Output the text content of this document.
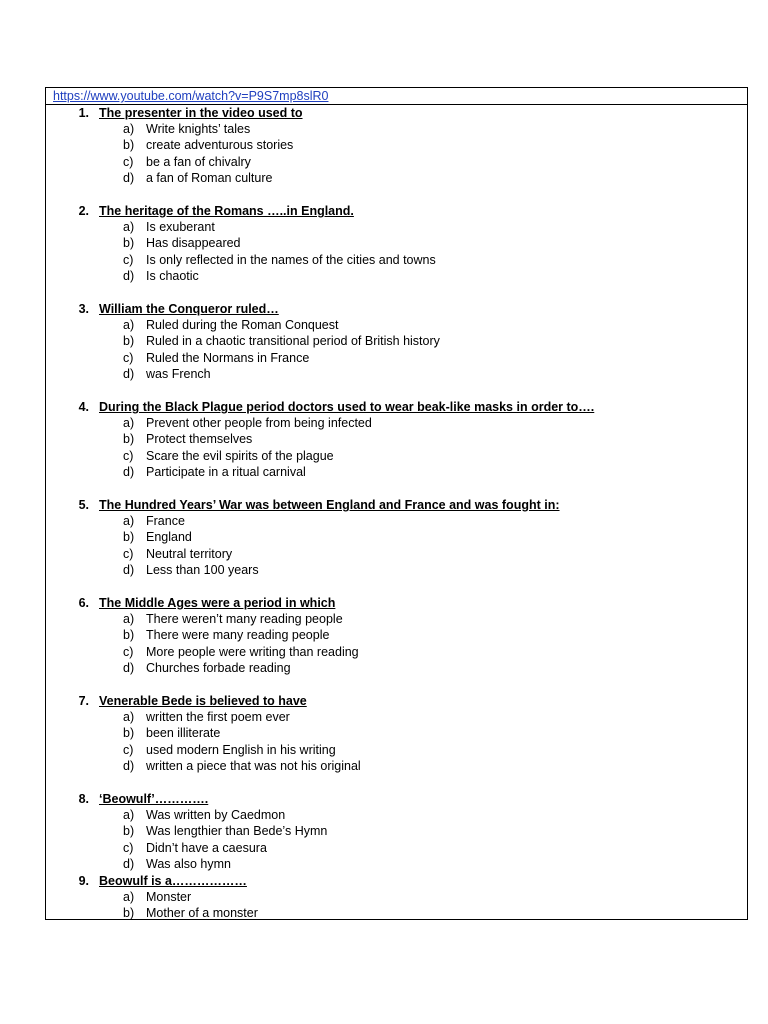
https://www.youtube.com/watch?v=P9S7mp8slR0
1. The presenter in the video used to
a) Write knights’ tales
b) create adventurous stories
c) be a fan of chivalry
d) a fan of Roman culture
2. The heritage of the Romans …..in England.
a) Is exuberant
b) Has disappeared
c) Is only reflected in the names of the cities and towns
d) Is chaotic
3. William the Conqueror ruled…
a) Ruled during the Roman Conquest
b) Ruled in a chaotic transitional period of British history
c) Ruled the Normans in France
d) was French
4. During the Black Plague period doctors used to wear beak-like masks in order to….
a) Prevent other people from being infected
b) Protect themselves
c) Scare the evil spirits of the plague
d) Participate in a ritual carnival
5. The Hundred Years’ War was between England and France and was fought in:
a) France
b) England
c) Neutral territory
d) Less than 100 years
6. The Middle Ages were a period in which
a) There weren’t many reading people
b) There were many reading people
c) More people were writing than reading
d) Churches forbade reading
7. Venerable Bede is believed to have
a) written the first poem ever
b) been illiterate
c) used modern English in his writing
d) written a piece that was not his original
8. ‘Beowulf’………….
a) Was written by Caedmon
b) Was lengthier than Bede’s Hymn
c) Didn’t have a caesura
d) Was also hymn
9. Beowulf is a………………
a) Monster
b) Mother of a monster
